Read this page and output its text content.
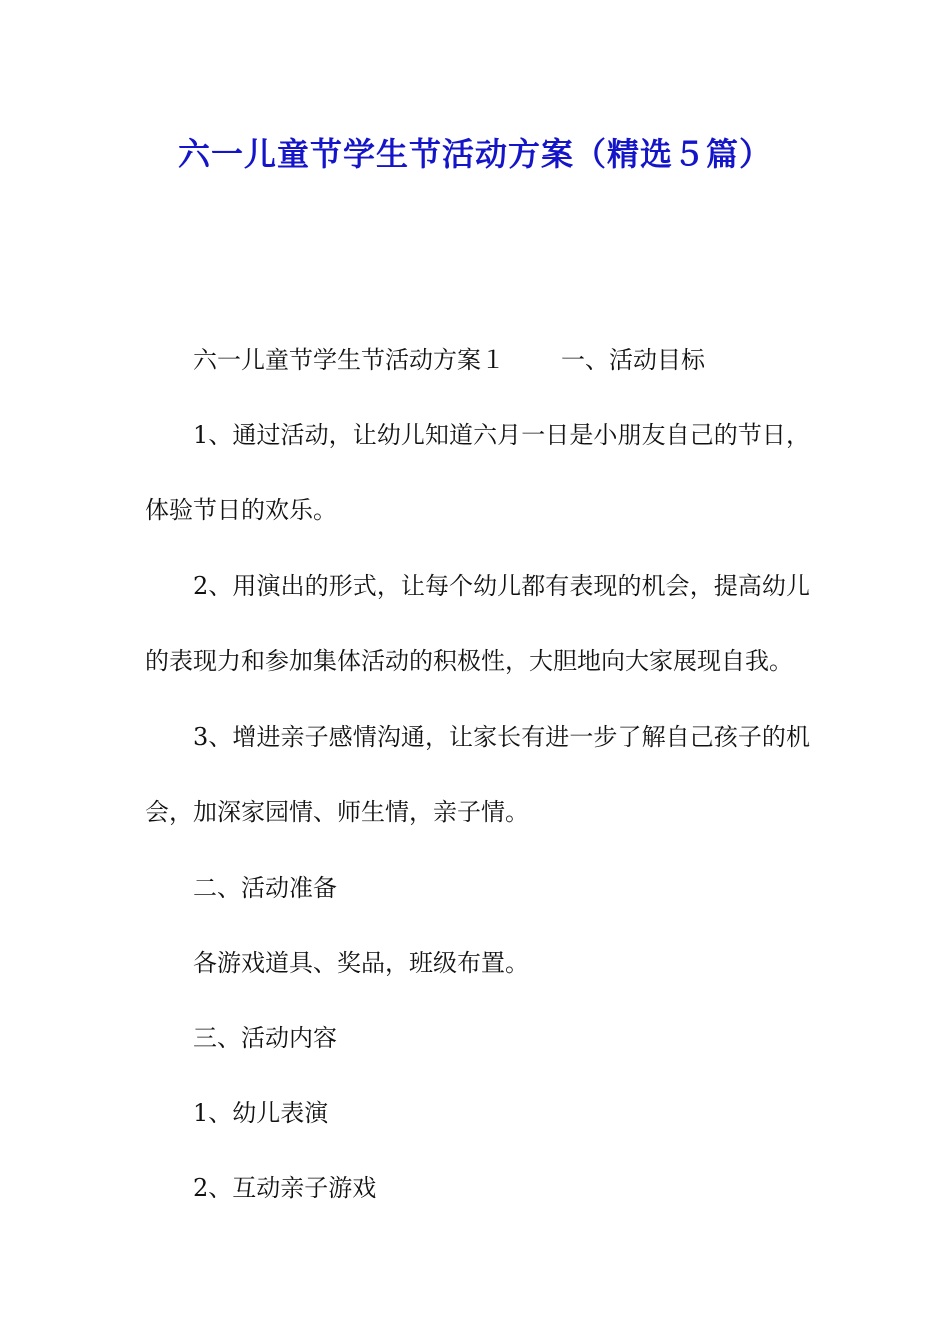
六一儿童节学生节活动方案（精选５篇）

六一儿童节学生节活动方案１ 一、活动目标

1、通过活动，让幼儿知道六月一日是小朋友自己的节日，体验节日的欢乐。

2、用演出的形式，让每个幼儿都有表现的机会，提高幼儿的表现力和参加集体活动的积极性，大胆地向大家展现自我。

3、增进亲子感情沟通，让家长有进一步了解自己孩子的机会，加深家园情、师生情，亲子情。

二、活动准备

各游戏道具、奖品，班级布置。

三、活动内容

1、幼儿表演

2、互动亲子游戏
